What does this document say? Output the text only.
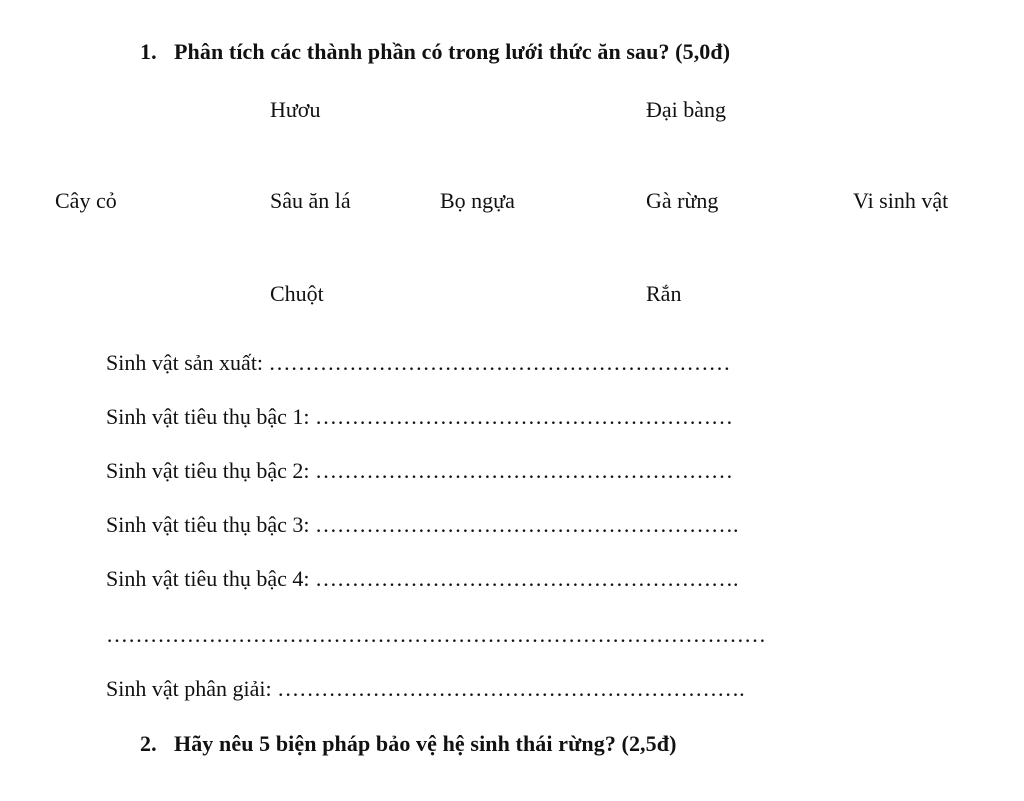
1. Phân tích các thành phần có trong lưới thức ăn sau? (5,0đ)
Hươu	Đại bàng
Cây cỏ	Sâu ăn lá	Bọ ngựa	Gà rừng	Vi sinh vật
Chuột	Rắn
Sinh vật sản xuất: ………………………………………………………
Sinh vật tiêu thụ bậc 1: …………………………………………………
Sinh vật tiêu thụ bậc 2: …………………………………………………
Sinh vật tiêu thụ bậc 3: ………………………………………………….
Sinh vật tiêu thụ bậc 4: ………………………………………………….
………………………………………………………………………………
Sinh vật phân giải: ……………………………………………………….
2. Hãy nêu 5 biện pháp bảo vệ hệ sinh thái rừng? (2,5đ)
